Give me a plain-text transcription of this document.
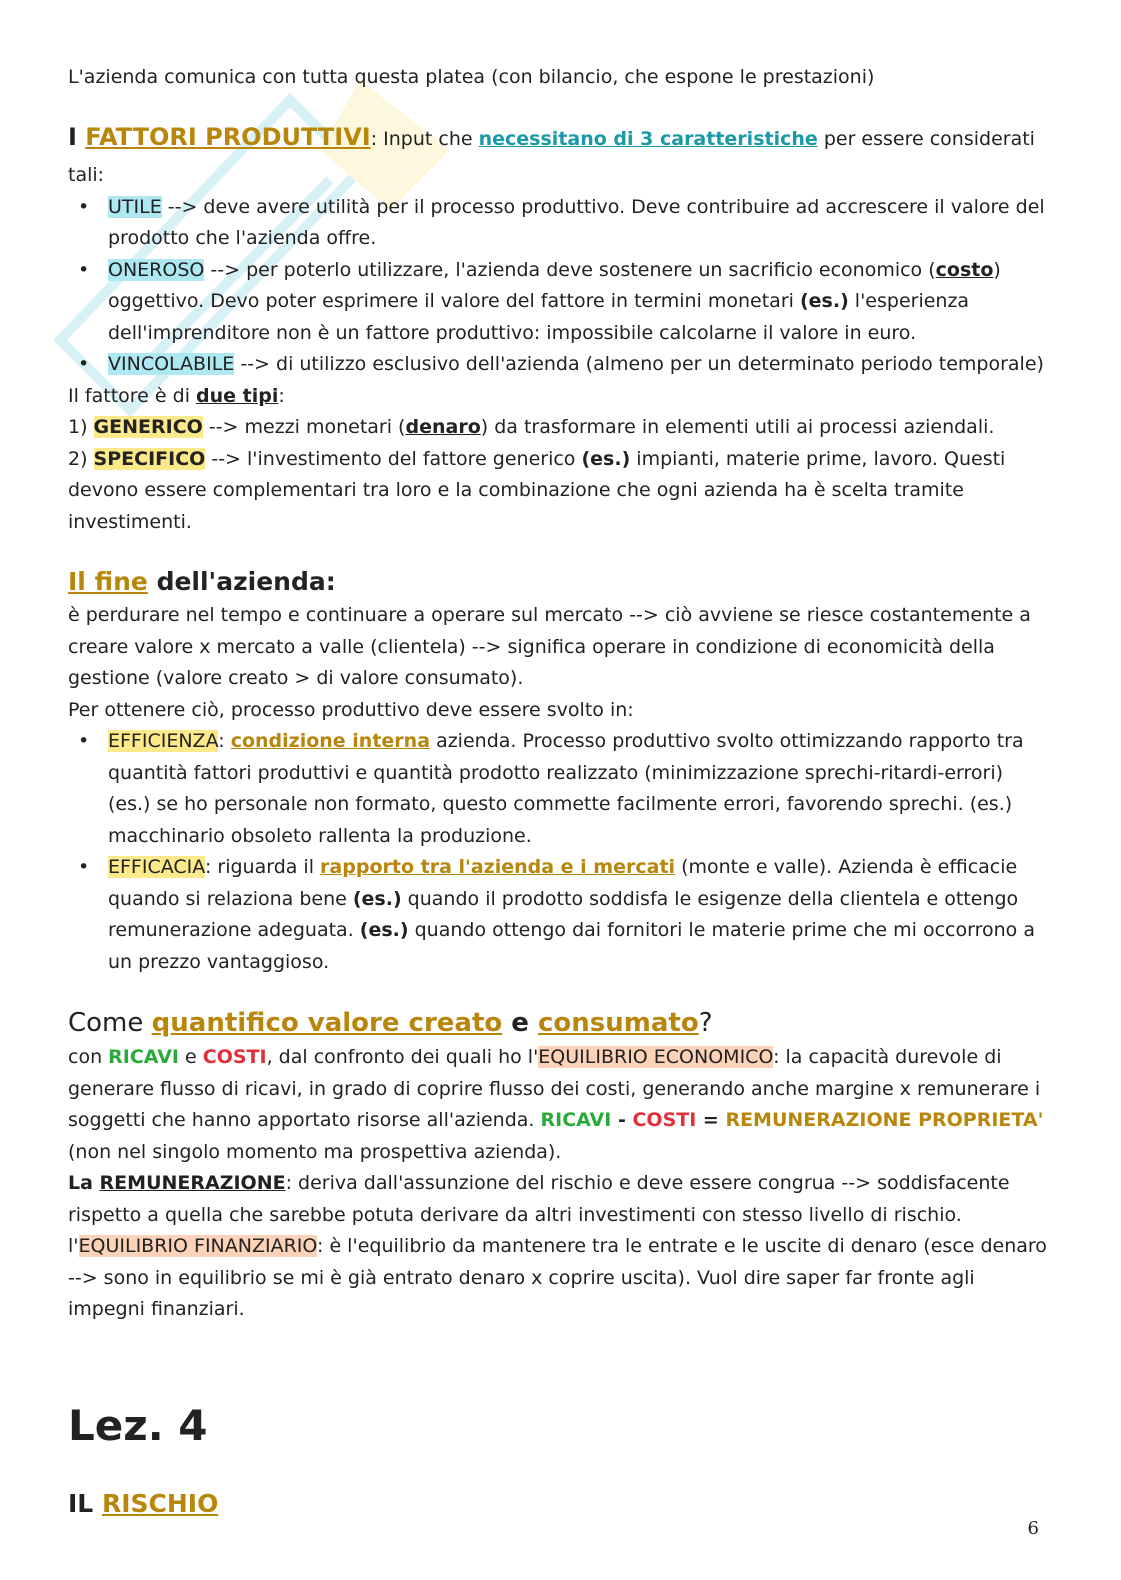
L'azienda comunica con tutta questa platea (con bilancio, che espone le prestazioni)

I FATTORI PRODUTTIVI: Input che necessitano di 3 caratteristiche per essere considerati tali:

• UTILE --> deve avere utilità per il processo produttivo. Deve contribuire ad accrescere il valore del prodotto che l'azienda offre.
• ONEROSO --> per poterlo utilizzare, l'azienda deve sostenere un sacrificio economico (costo) oggettivo. Devo poter esprimere il valore del fattore in termini monetari (es.) l'esperienza dell'imprenditore non è un fattore produttivo: impossibile calcolarne il valore in euro.
• VINCOLABILE --> di utilizzo esclusivo dell'azienda (almeno per un determinato periodo temporale)

Il fattore è di due tipi:

1) GENERICO --> mezzi monetari (denaro) da trasformare in elementi utili ai processi aziendali.

2) SPECIFICO --> l'investimento del fattore generico (es.) impianti, materie prime, lavoro. Questi devono essere complementari tra loro e la combinazione che ogni azienda ha è scelta tramite investimenti.

Il fine dell'azienda:

è perdurare nel tempo e continuare a operare sul mercato --> ciò avviene se riesce costantemente a creare valore x mercato a valle (clientela) --> significa operare in condizione di economicità della gestione (valore creato > di valore consumato).

Per ottenere ciò, processo produttivo deve essere svolto in:

• EFFICIENZA: condizione interna azienda. Processo produttivo svolto ottimizzando rapporto tra quantità fattori produttivi e quantità prodotto realizzato (minimizzazione sprechi-ritardi-errori) (es.) se ho personale non formato, questo commette facilmente errori, favorendo sprechi. (es.) macchinario obsoleto rallenta la produzione.
• EFFICACIA: riguarda il rapporto tra l'azienda e i mercati (monte e valle). Azienda è efficacie quando si relaziona bene (es.) quando il prodotto soddisfa le esigenze della clientela e ottengo remunerazione adeguata. (es.) quando ottengo dai fornitori le materie prime che mi occorrono a un prezzo vantaggioso.

Come quantifico valore creato e consumato?

con RICAVI e COSTI, dal confronto dei quali ho l'EQUILIBRIO ECONOMICO: la capacità durevole di generare flusso di ricavi, in grado di coprire flusso dei costi, generando anche margine x remunerare i soggetti che hanno apportato risorse all'azienda. RICAVI - COSTI = REMUNERAZIONE PROPRIETA' (non nel singolo momento ma prospettiva azienda).

La REMUNERAZIONE: deriva dall'assunzione del rischio e deve essere congrua --> soddisfacente rispetto a quella che sarebbe potuta derivare da altri investimenti con stesso livello di rischio.

l'EQUILIBRIO FINANZIARIO: è l'equilibrio da mantenere tra le entrate e le uscite di denaro (esce denaro --> sono in equilibrio se mi è già entrato denaro x coprire uscita). Vuol dire saper far fronte agli impegni finanziari.

Lez. 4

IL RISCHIO

6
